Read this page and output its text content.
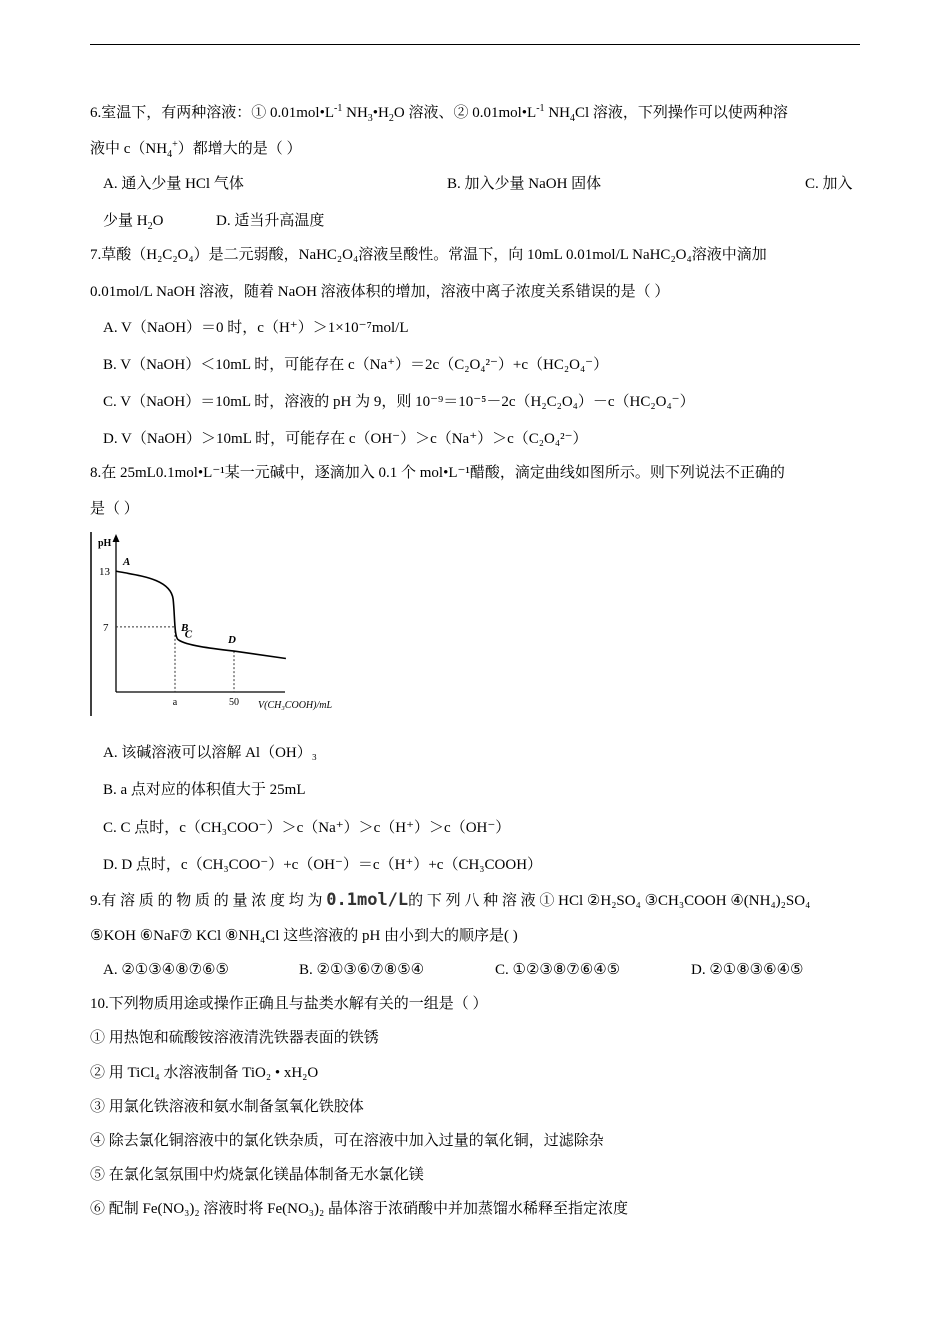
6.室温下，有两种溶液：① $0.01mol•L^{-1}$ $NH_3•H_2O$ 溶液、② $0.01mol•L^{-1}$ $NH_4Cl$ 溶液，下列操作可以使两种溶
液中 $c(NH_4^+)$都增大的是（ ）
A. 通入少量 HCl 气体	B. 加入少量 NaOH 固体	C. 加入
少量 $H_2O$	D. 适当升高温度
7.草酸（H₂C₂O₄）是二元弱酸，NaHC₂O₄溶液呈酸性。常温下，向 10mL 0.01mol/L NaHC₂O₄溶液中滴加
0.01mol/L NaOH 溶液，随着 NaOH 溶液体积的增加，溶液中离子浓度关系错误的是（ ）
A. V（NaOH）＝0 时，c（H⁺）＞1×10⁻⁷mol/L
B. V（NaOH）＜10mL 时，可能存在 c（Na⁺）＝2c（C₂O₄²⁻）+c（HC₂O₄⁻）
C. V（NaOH）＝10mL 时，溶液的 pH 为 9，则 10⁻⁹＝10⁻⁵－2c（H₂C₂O₄）－c（HC₂O₄⁻）
D. V（NaOH）＞10mL 时，可能存在 c（OH⁻）＞c（Na⁺）＞c（C₂O₄²⁻）
8.在 25mL0.1mol•L⁻¹某一元碱中，逐滴加入 0.1 个 mol•L⁻¹醋酸，滴定曲线如图所示。则下列说法不正确的
是（ ）
pH
13
7
A
B
C	D
a	50 V(CH₃COOH)/mL
A. 该碱溶液可以溶解 Al（OH）₃
B. a 点对应的体积值大于 25mL
C. C 点时，c（CH₃COO⁻）＞c（Na⁺）＞c（H⁺）＞c（OH⁻）
D. D 点时，c（CH₃COO⁻）+c（OH⁻）＝c（H⁺）+c（CH₃COOH）
9.有 溶 质 的 物 质 的 量 浓 度 均 为 0.1mol/L的 下 列 八 种 溶 液 ① HCl ②H₂SO₄ ③CH₃COOH ④(NH₄)₂SO₄
⑤KOH ⑥NaF⑦ KCl ⑧NH₄Cl 这些溶液的 pH 由小到大的顺序是( )
A. ②①③④⑧⑦⑥⑤	B. ②①③⑥⑦⑧⑤④	C. ①②③⑧⑦⑥④⑤	D. ②①⑧③⑥④⑤
10.下列物质用途或操作正确且与盐类水解有关的一组是（ ）
① 用热饱和硫酸铵溶液清洗铁器表面的铁锈
② 用 TiCl₄ 水溶液制备 TiO₂ • xH₂O
③ 用氯化铁溶液和氨水制备氢氧化铁胶体
④ 除去氯化铜溶液中的氯化铁杂质，可在溶液中加入过量的氧化铜，过滤除杂
⑤ 在氯化氢氛围中灼烧氯化镁晶体制备无水氯化镁
⑥ 配制 Fe(NO₃)₂ 溶液时将 Fe(NO₃)₂ 晶体溶于浓硝酸中并加蒸馏水稀释至指定浓度
